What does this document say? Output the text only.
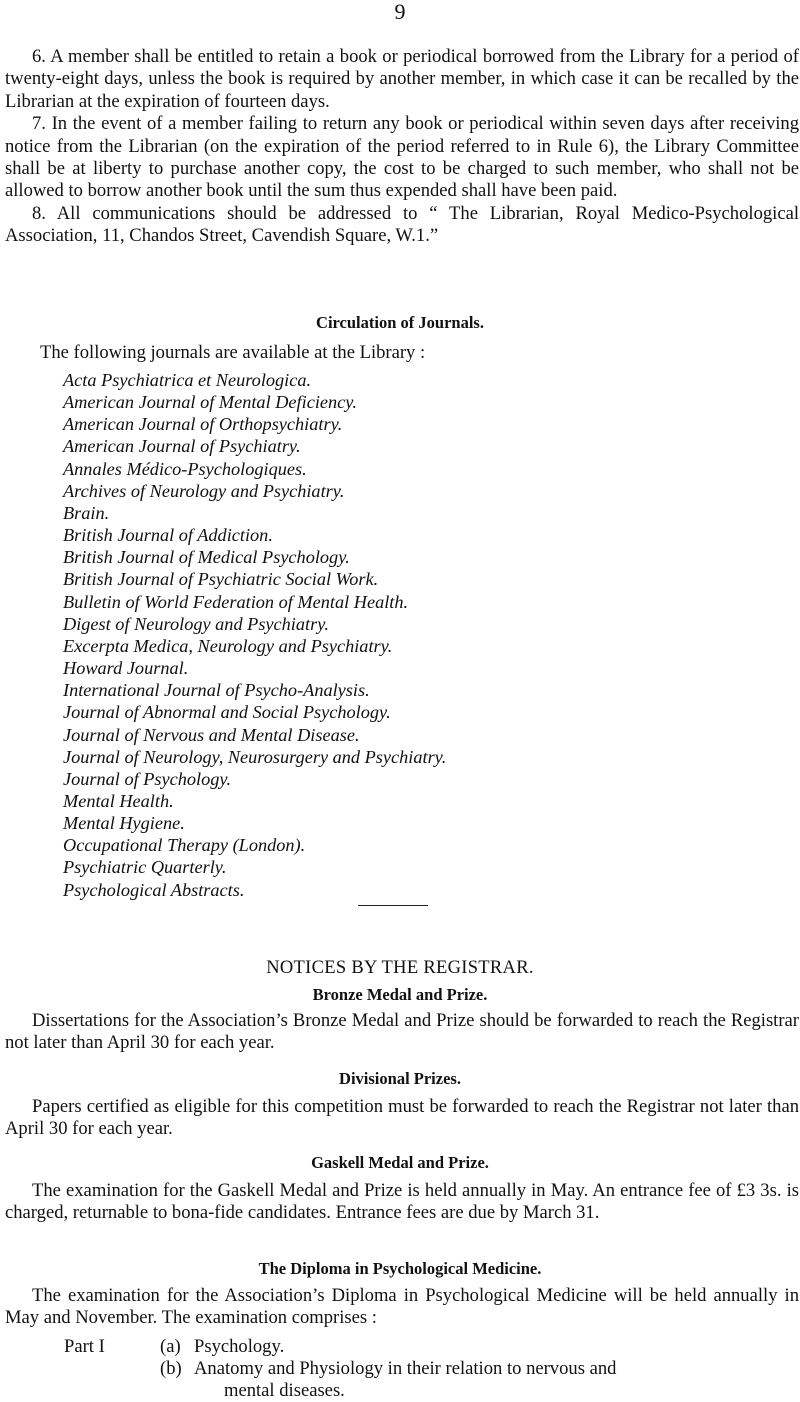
9

6. A member shall be entitled to retain a book or periodical borrowed from the Library for a period of twenty-eight days, unless the book is required by another member, in which case it can be recalled by the Librarian at the expiration of fourteen days.

7. In the event of a member failing to return any book or periodical within seven days after receiving notice from the Librarian (on the expiration of the period referred to in Rule 6), the Library Committee shall be at liberty to purchase another copy, the cost to be charged to such member, who shall not be allowed to borrow another book until the sum thus expended shall have been paid.

8. All communications should be addressed to “ The Librarian, Royal Medico-Psychological Association, 11, Chandos Street, Cavendish Square, W.1.”

Circulation of Journals.
The following journals are available at the Library :
Acta Psychiatrica et Neurologica.
American Journal of Mental Deficiency.
American Journal of Orthopsychiatry.
American Journal of Psychiatry.
Annales Médico-Psychologiques.
Archives of Neurology and Psychiatry.
Brain.
British Journal of Addiction.
British Journal of Medical Psychology.
British Journal of Psychiatric Social Work.
Bulletin of World Federation of Mental Health.
Digest of Neurology and Psychiatry.
Excerpta Medica, Neurology and Psychiatry.
Howard Journal.
International Journal of Psycho-Analysis.
Journal of Abnormal and Social Psychology.
Journal of Nervous and Mental Disease.
Journal of Neurology, Neurosurgery and Psychiatry.
Journal of Psychology.
Mental Health.
Mental Hygiene.
Occupational Therapy (London).
Psychiatric Quarterly.
Psychological Abstracts.
NOTICES BY THE REGISTRAR.
Bronze Medal and Prize.

Dissertations for the Association’s Bronze Medal and Prize should be forwarded to reach the Registrar not later than April 30 for each year.

Divisional Prizes.

Papers certified as eligible for this competition must be forwarded to reach the Registrar not later than April 30 for each year.

Gaskell Medal and Prize.

The examination for the Gaskell Medal and Prize is held annually in May. An entrance fee of £3 3s. is charged, returnable to bona-fide candidates. Entrance fees are due by March 31.

The Diploma in Psychological Medicine.

The examination for the Association’s Diploma in Psychological Medicine will be held annually in May and November. The examination comprises :

Part I	(a) Psychology.
(b) Anatomy and Physiology in their relation to nervous and
mental diseases.
